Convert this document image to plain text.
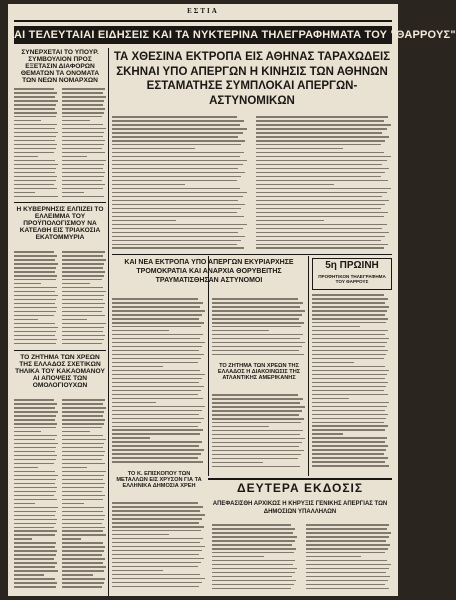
ΕΣΤΙΑ
ΑΙ ΤΕΛΕΥΤΑΙΑΙ ΕΙΔΗΣΕΙΣ ΚΑΙ ΤΑ ΝΥΚΤΕΡΙΝΑ ΤΗΛΕΓΡΑΦΗΜΑΤΑ ΤΟΥ "ΘΑΡΡΟΥΣ"
ΣΥΝΕΡΧΕΤΑΙ ΤΟ ΥΠΟΥΡ. ΣΥΜΒΟΥΛΙΟΝ ΠΡΟΣ ΕΞΕΤΑΣΙΝ ΔΙΑΦΟΡΩΝ ΘΕΜΑΤΩΝ ΤΑ ΟΝΟΜΑΤΑ ΤΩΝ ΝΕΩΝ ΝΟΜΑΡΧΩΝ
Η ΚΥΒΕΡΝΗΣΙΣ ΕΛΠΙΖΕΙ ΤΟ ΕΛΛΕΙΜΜΑ ΤΟΥ ΠΡΟΫΠΟΛΟΓΙΣΜΟΥ ΝΑ ΚΑΤΕΛΘΗ ΕΙΣ ΤΡΙΑΚΟΣΙΑ ΕΚΑΤΟΜΜΥΡΙΑ
ΤΟ ΖΗΤΗΜΑ ΤΩΝ ΧΡΕΩΝ ΤΗΣ ΕΛΛΑΔΟΣ ΣΧΕΤΙΚΩΝ ΤΗΛΙΚΑ ΤΟΥ ΚΑΚΑΟΜΑΝΟΥ ΑΙ ΑΠΟΨΕΙΣ ΤΩΝ ΟΜΟΛΟΓΙΟΥΧΩΝ
ΤΑ ΧΘΕΣΙΝΑ ΕΚΤΡΟΠΑ ΕΙΣ ΑΘΗΝΑΣ ΤΑΡΑΧΩΔΕΙΣ ΣΚΗΝΑΙ ΥΠΟ ΑΠΕΡΓΩΝ Η ΚΙΝΗΣΙΣ ΤΩΝ ΑΘΗΝΩΝ ΕΣΤΑΜΑΤΗΣΕ ΣΥΜΠΛΟΚΑΙ ΑΠΕΡΓΩΝ-ΑΣΤΥΝΟΜΙΚΩΝ
ΚΑΙ ΝΕΑ ΕΚΤΡΟΠΑ ΥΠΟ ΑΠΕΡΓΩΝ ΕΚΥΡΙΑΡΧΗΣΕ ΤΡΟΜΟΚΡΑΤΙΑ ΚΑΙ ΑΝΑΡΧΙΑ ΘΟΡΥΒΕΙΤΗΣ ΤΡΑΥΜΑΤΙΣΘΗΣΑΝ ΑΣΤΥΝΟΜΟΙ
ΤΟ ΖΗΤΗΜΑ ΤΩΝ ΧΡΕΩΝ ΤΗΣ ΕΛΛΑΔΟΣ Η ΔΙΑΚΟΙΝΩΣΙΣ ΤΗΣ ΑΤΛΑΝΤΙΚΗΣ ΑΜΕΡΙΚΑΝΗΣ
5η ΠΡΩΙΝΗ
ΠΡΟΦΗΤΙΚΟΝ ΤΗΛΕΓΡΑΦΗΜΑ ΤΟΥ ΘΑΡΡΟΥΣ
ΤΟ Κ. ΕΠΙΣΚΟΠΟΥ ΤΩΝ ΜΕΤΑΛΛΩΝ ΕΙΣ ΧΡΥΣΟΝ ΓΙΑ ΤΑ ΕΛΛΗΝΙΚΑ ΔΗΜΟΣΙΑ ΧΡΕΗ	ΔΕΥΤΕΡΑ ΕΚΔΟΣΙΣ
ΑΠΕΦΑΣΙΣΘΗ ΑΡΧΙΚΩΣ Η ΚΗΡΥΞΙΣ ΓΕΝΙΚΗΣ ΑΠΕΡΓΙΑΣ ΤΩΝ ΔΗΜΟΣΙΩΝ ΥΠΑΛΛΗΛΩΝ
